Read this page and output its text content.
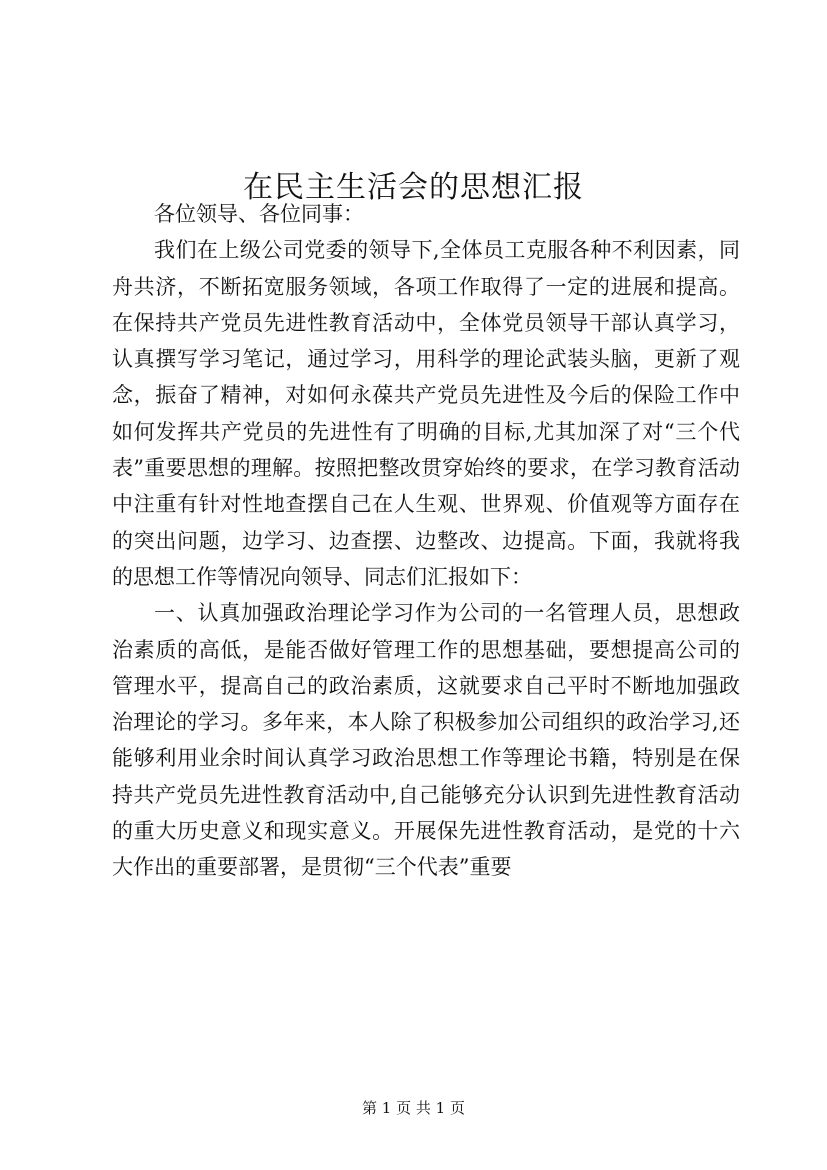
在民主生活会的思想汇报

各位领导、各位同事：

我们在上级公司党委的领导下,全体员工克服各种不利因素，同舟共济，不断拓宽服务领域，各项工作取得了一定的进展和提高。在保持共产党员先进性教育活动中，全体党员领导干部认真学习，认真撰写学习笔记，通过学习，用科学的理论武装头脑，更新了观念，振奋了精神，对如何永葆共产党员先进性及今后的保险工作中如何发挥共产党员的先进性有了明确的目标,尤其加深了对“三个代表”重要思想的理解。按照把整改贯穿始终的要求，在学习教育活动中注重有针对性地查摆自己在人生观、世界观、价值观等方面存在的突出问题，边学习、边查摆、边整改、边提高。下面，我就将我的思想工作等情况向领导、同志们汇报如下：

一、认真加强政治理论学习作为公司的一名管理人员，思想政治素质的高低，是能否做好管理工作的思想基础，要想提高公司的管理水平，提高自己的政治素质，这就要求自己平时不断地加强政治理论的学习。多年来，本人除了积极参加公司组织的政治学习,还能够利用业余时间认真学习政治思想工作等理论书籍，特别是在保持共产党员先进性教育活动中,自己能够充分认识到先进性教育活动的重大历史意义和现实意义。开展保先进性教育活动，是党的十六大作出的重要部署，是贯彻“三个代表”重要

第 1 页 共 1 页
